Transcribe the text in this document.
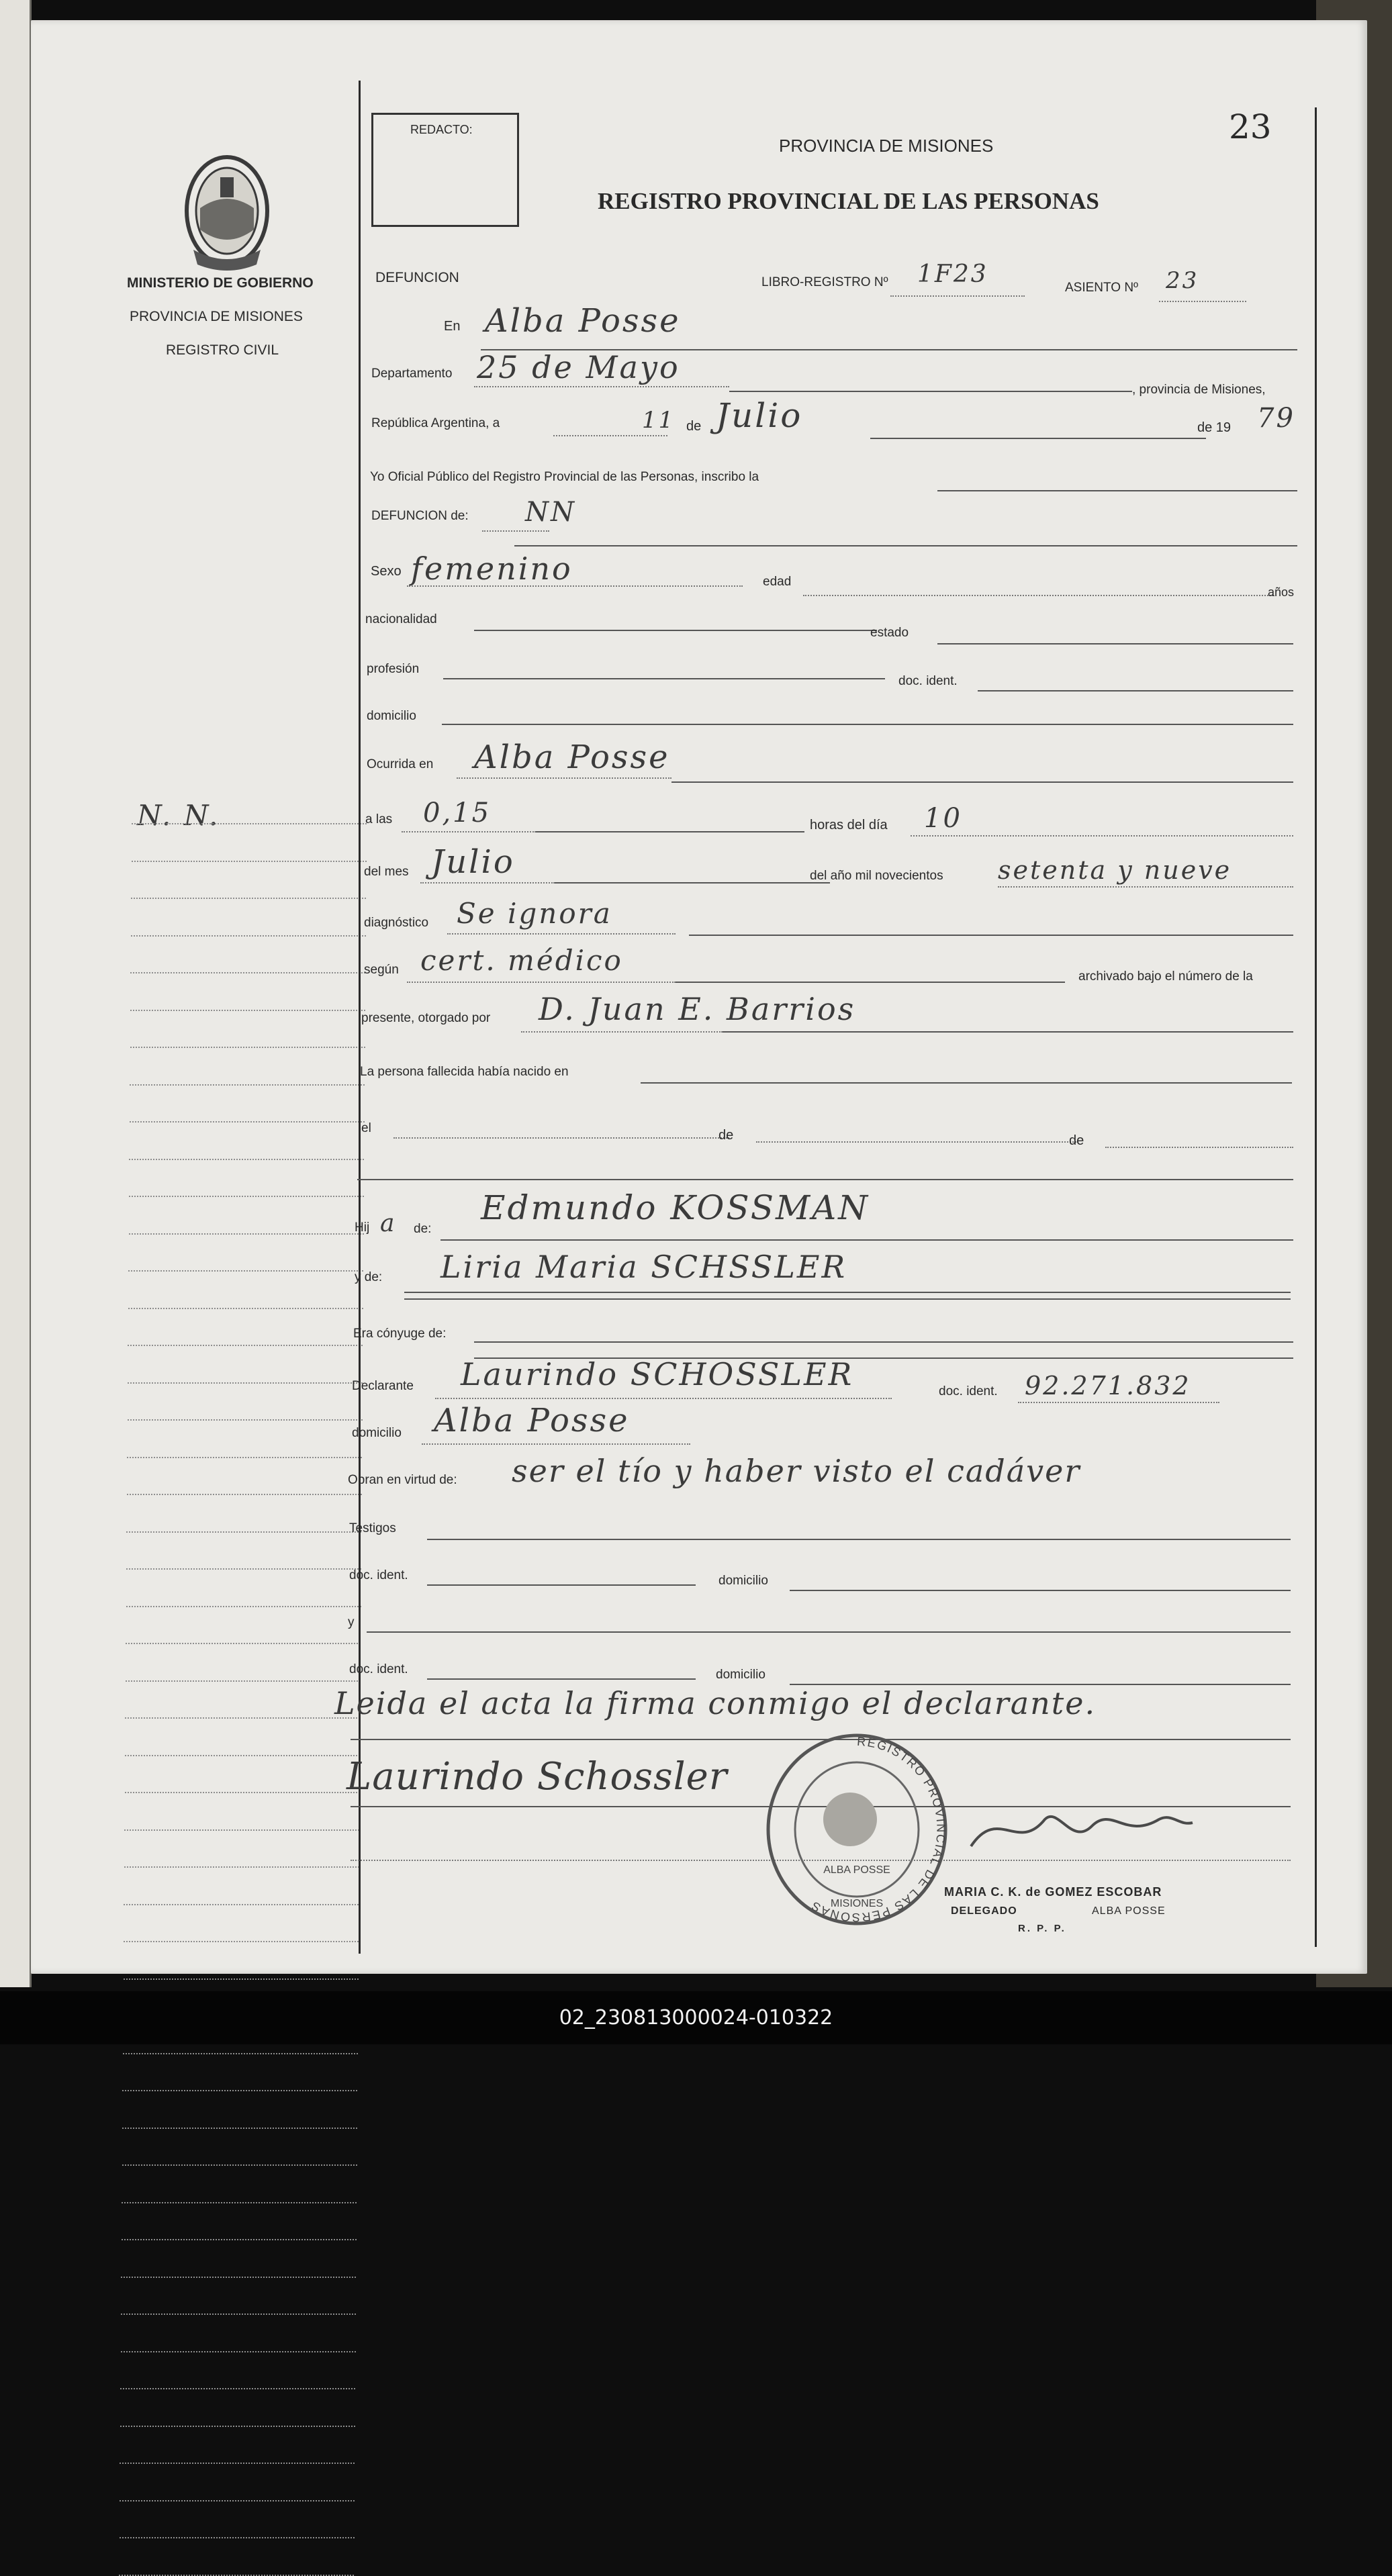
MINISTERIO DE GOBIERNO
PROVINCIA DE MISIONES
REGISTRO CIVIL
N. N.
REDACTO:	23
PROVINCIA DE MISIONES
REGISTRO PROVINCIAL DE LAS PERSONAS
DEFUNCION	LIBRO-REGISTRO Nº 1F23	ASIENTO Nº 23
En Alba Posse
Departamento 25 de Mayo
, provincia de Misiones,
República Argentina, a	11 de Julio	de 19 79
Yo Oficial Público del Registro Provincial de las Personas, inscribo la
DEFUNCION de: NN
Sexo femenino	edad
años
nacionalidad
estado
profesión
doc. ident.
domicilio
Ocurrida en Alba Posse
a las 0,15	horas del día 10
del mes Julio	del año mil novecientos setenta y nueve
diagnóstico Se ignora
según cert. médico	archivado bajo el número de la
presente, otorgado por D. Juan E. Barrios
La persona fallecida había nacido en
el	de	de
Hij a de:
Edmundo KOSSMAN
y de: Liria Maria SCHSSLER
Era cónyuge de:
Declarante Laurindo SCHOSSLER	doc. ident. 92.271.832
domicilio Alba Posse
Obran en virtud de: ser el tío y haber visto el cadáver
Testigos
doc. ident.	domicilio
y
doc. ident.	domicilio
Leida el acta la firma conmigo el declarante.
Laurindo Schossler
REGISTRO PROVINCIAL DE LAS PERSONAS
ALBA POSSE
MISIONES
MARIA C. K. de GOMEZ ESCOBAR
DELEGADO	ALBA POSSE
R. P. P.
02_230813000024-010322
